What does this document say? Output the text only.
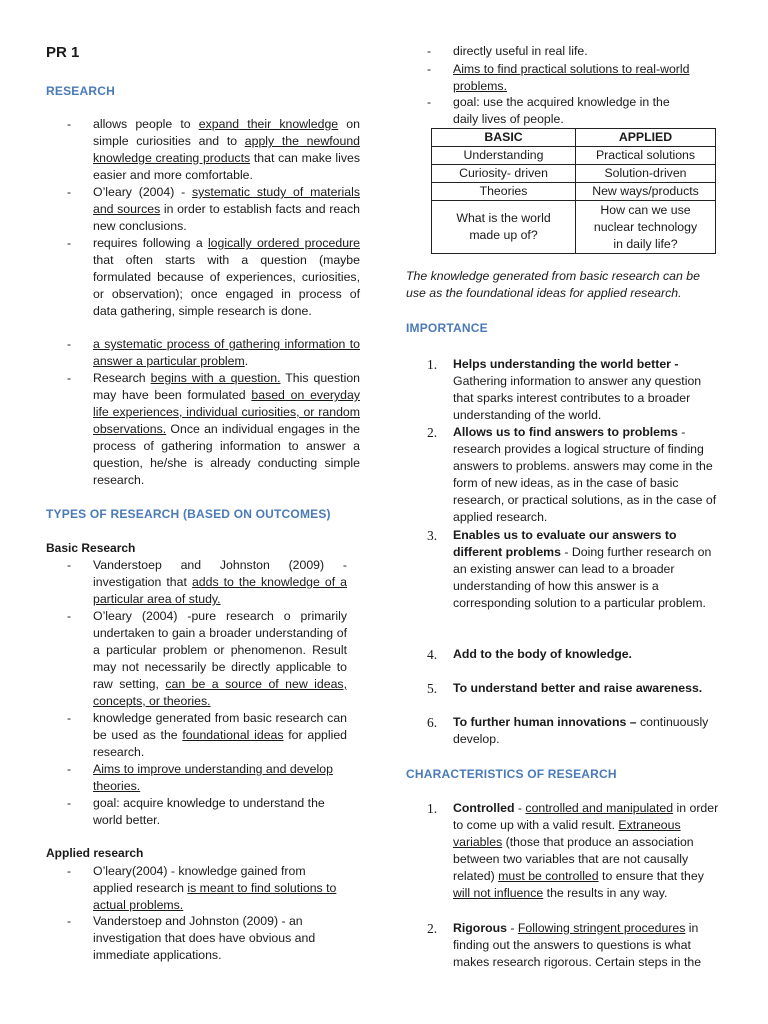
PR 1
RESEARCH
- allows people to expand their knowledge on simple curiosities and to apply the newfound knowledge creating products that can make lives easier and more comfortable.
- O’leary (2004) - systematic study of materials and sources in order to establish facts and reach new conclusions.
- requires following a logically ordered procedure that often starts with a question (maybe formulated because of experiences, curiosities, or observation); once engaged in process of data gathering, simple research is done.
- a systematic process of gathering information to answer a particular problem.
- Research begins with a question. This question may have been formulated based on everyday life experiences, individual curiosities, or random observations. Once an individual engages in the process of gathering information to answer a question, he/she is already conducting simple research.
TYPES OF RESEARCH (BASED ON OUTCOMES)
Basic Research
- Vanderstoep and Johnston (2009) - investigation that adds to the knowledge of a particular area of study.
- O’leary (2004) -pure research o primarily undertaken to gain a broader understanding of a particular problem or phenomenon. Result may not necessarily be directly applicable to raw setting, can be a source of new ideas, concepts, or theories.
- knowledge generated from basic research can be used as the foundational ideas for applied research.
- Aims to improve understanding and develop theories.
- goal: acquire knowledge to understand the world better.
Applied research
- O’leary(2004) - knowledge gained from applied research is meant to find solutions to actual problems.
- Vanderstoep and Johnston (2009) - an investigation that does have obvious and immediate applications.
- directly useful in real life.
- Aims to find practical solutions to real-world problems.
- goal: use the acquired knowledge in the daily lives of people.
BASIC	APPLIED
Understanding	Practical solutions
Curiosity- driven	Solution-driven
Theories	New ways/products
What is the world made up of?	How can we use nuclear technology in daily life?
The knowledge generated from basic research can be use as the foundational ideas for applied research.
IMPORTANCE
1. Helps understanding the world better - Gathering information to answer any question that sparks interest contributes to a broader understanding of the world.
2. Allows us to find answers to problems - research provides a logical structure of finding answers to problems. answers may come in the form of new ideas, as in the case of basic research, or practical solutions, as in the case of applied research.
3. Enables us to evaluate our answers to different problems - Doing further research on an existing answer can lead to a broader understanding of how this answer is a corresponding solution to a particular problem.
4. Add to the body of knowledge.
5. To understand better and raise awareness.
6. To further human innovations – continuously develop.
CHARACTERISTICS OF RESEARCH
1. Controlled - controlled and manipulated in order to come up with a valid result. Extraneous variables (those that produce an association between two variables that are not causally related) must be controlled to ensure that they will not influence the results in any way.
2. Rigorous - Following stringent procedures in finding out the answers to questions is what makes research rigorous. Certain steps in the
